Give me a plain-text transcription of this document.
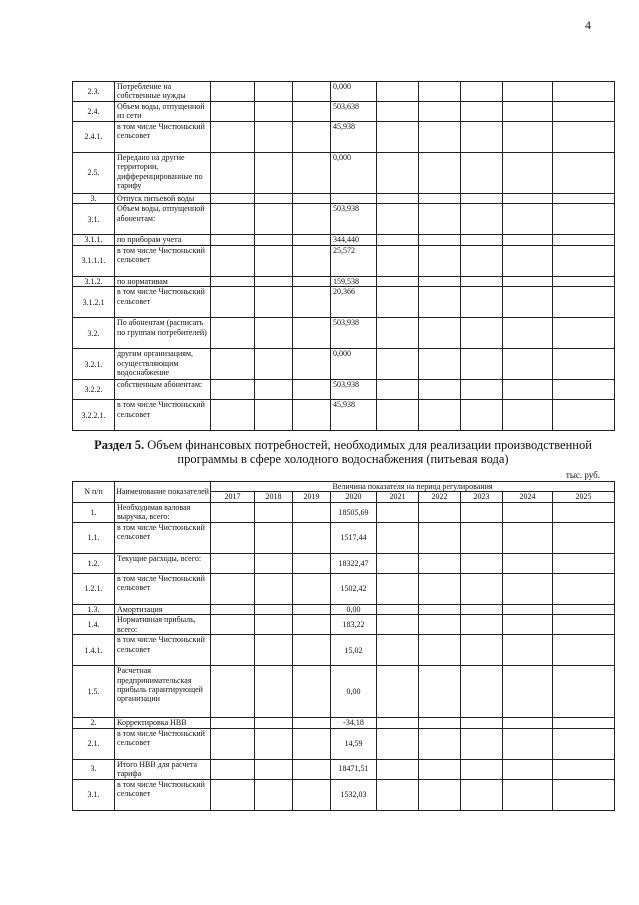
4
2.3.	Потребление на собственные нужды				0,000					
2.4.	Объем воды, отпущенной из сети				503,638					
2.4.1.	в том числе Чистюньский сельсовет				45,938					
2.5.	Передано на другие территории, дифференцированные по тарифу				0,000					
3.	Отпуск питьевой воды									
3.1.	Объем воды, отпущенной абонентам:				503,938					
3.1.1.	по приборам учета				344,440					
3.1.1.1.	в том числе Чистюньский сельсовет				25,572					
3.1.2.	по нормативам				159,538					
3.1.2.1	в том числе Чистюньский сельсовет				20,366					
3.2.	По абонентам (расписать по группам потребителей)				503,938					
3.2.1.	другим организациям, осуществляющим водоснабжение				0,000					
3.2.2.	собственным абонентам:				503,938					
3.2.2.1.	в том числе Чистюньский сельсовет				45,938					
Раздел 5. Объем финансовых потребностей, необходимых для реализации производственной программы в сфере холодного водоснабжения (питьевая вода)
тыс. руб.
N п/п	Наименование показателей	Величина показателя на период регулирования								
		2017	2018	2019	2020	2021	2022	2023	2024	2025
1.	Необходимая валовая выручка, всего:				18505,69					
1.1.	в том числе Чистюньский сельсовет				1517,44					
1.2.	Текущие расходы, всего:				18322,47					
1.2.1.	в том числе Чистюньский сельсовет				1502,42					
1.3.	Амортизация				0,00					
1.4.	Нормативная прибыль, всего:				183,22					
1.4.1.	в том числе Чистюньский сельсовет				15,02					
1.5.	Расчетная предпринимательская прибыль гарантирующей организации				0,00					
2.	Корректировка НВВ				-34,18					
2.1.	в том числе Чистюньский сельсовет				14,59					
3.	Итого НВВ для расчета тарифа				18471,51					
3.1.	в том числе Чистюньский сельсовет				1532,03					
